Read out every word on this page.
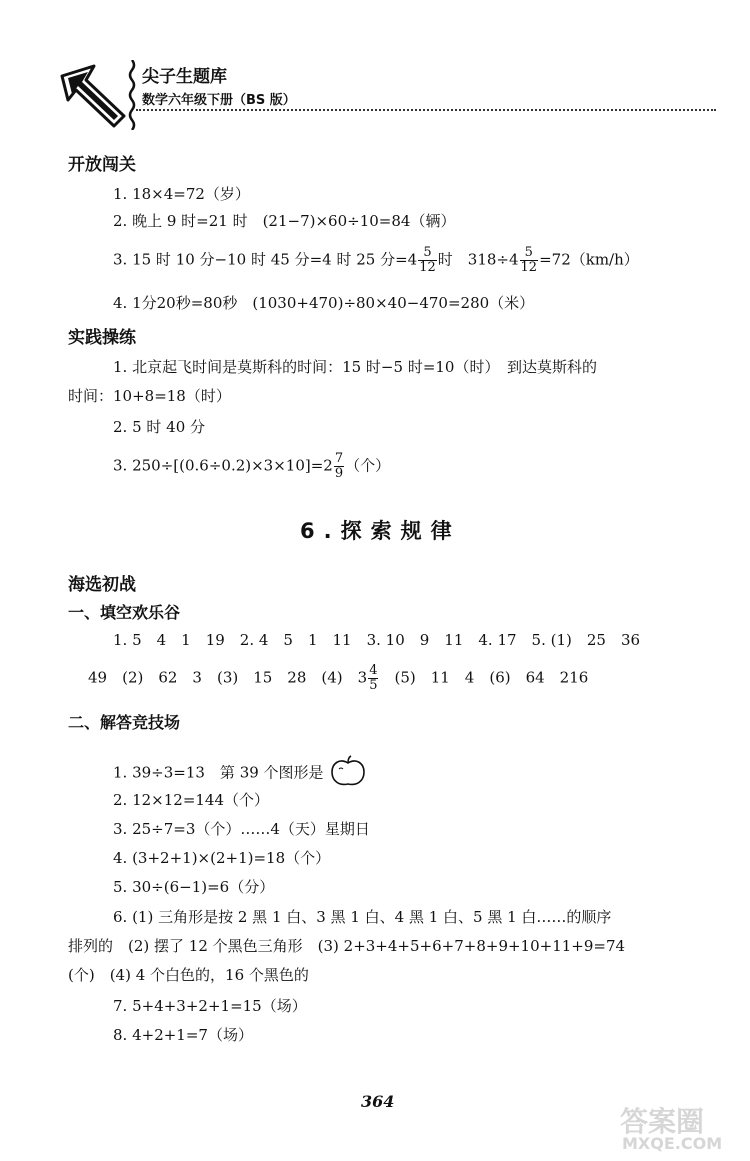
尖子生题库
数学六年级下册（BS 版）
开放闯关
1. 18×4=72（岁）
2. 晚上 9 时=21 时　(21−7)×60÷10=84（辆）
3. 15 时 10 分−10 时 45 分=4 时 25 分$=4 \frac{5}{12}$ 时　$318\div 4 \frac{5}{12} =72(km/h)$
4. 1分20秒=80秒　(1030+470)÷80×40−470=280（米）
实践操练
1. 北京起飞时间是莫斯科的时间：15 时−5 时=10（时）　到达莫斯科的
时间：10+8=18（时）
2. 5 时 40 分
3. $250\div[(0.6\div 0.2)\times 3\times 10]=2 \frac{7}{9}$ （个）
6.探索规律
海选初战
一、填空欢乐谷
1. 5　4　1　19　2. 4　5　1　11　3. 10　9　11　4. 17　5. (1)　25　36
49　(2)　62　3　(3)　15　28　(4)　$3 \frac{4}{5}$ 　(5)　11　4　(6)　64　216
二、解答竞技场
1. 39÷3=13　第 39 个图形是
2. 12×12=144（个）
3. 25÷7=3（个）……4（天）星期日
4. (3+2+1)×(2+1)=18（个）
5. 30÷(6−1)=6（分）
6. (1) 三角形是按 2 黑 1 白、3 黑 1 白、4 黑 1 白、5 黑 1 白……的顺序
排列的　(2) 摆了 12 个黑色三角形　(3) 2+3+4+5+6+7+8+9+10+11+9=74
(个)　(4) 4 个白色的，16 个黑色的
7. 5+4+3+2+1=15（场）
8. 4+2+1=7（场）
364
答案圈
MXQE.COM
